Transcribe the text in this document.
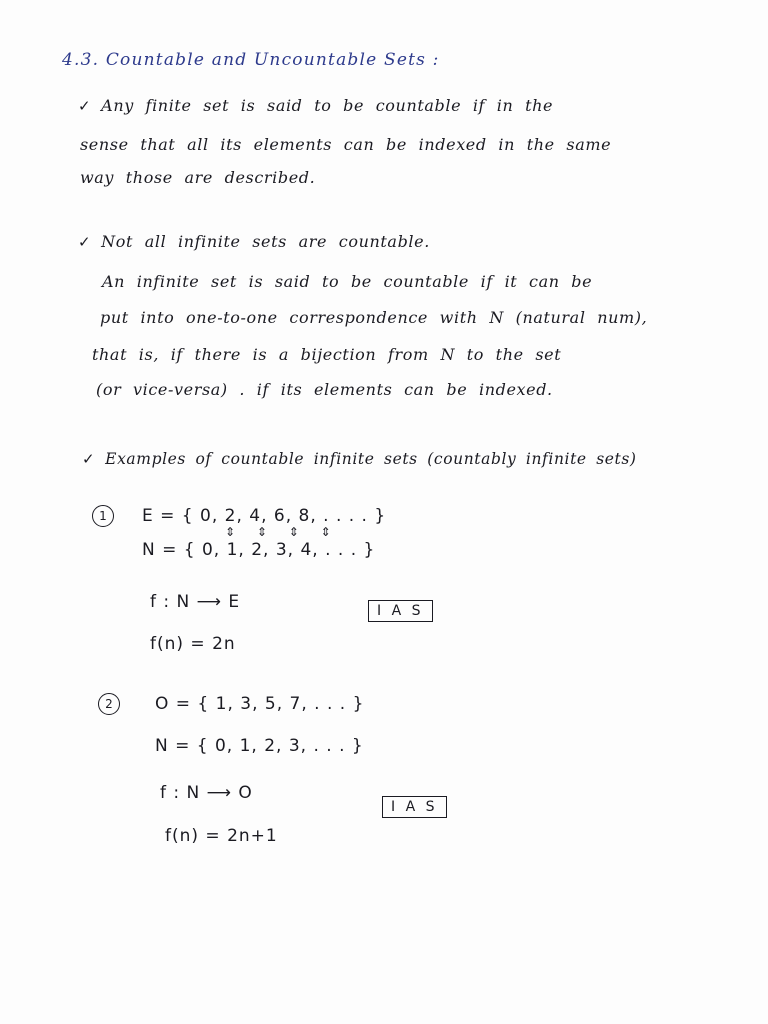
4.3. Countable and Uncountable Sets :
✓ Any finite set is said to be countable if in the
sense that all its elements can be indexed in the same
way those are described.
✓ Not all infinite sets are countable.
An infinite set is said to be countable if it can be
put into one-to-one correspondence with N (natural num),
that is, if there is a bijection from N to the set
(or vice-versa) . if its elements can be indexed.
✓ Examples of countable infinite sets (countably infinite sets)
1	E = { 0, 2, 4, 6, 8, . . . . }
⇕ ⇕ ⇕ ⇕
N = { 0, 1, 2, 3, 4, . . . }
f : N ⟶ E	I A S
f(n) = 2n
2	O = { 1, 3, 5, 7, . . . }
N = { 0, 1, 2, 3, . . . }
f : N ⟶ O
I A S
f(n) = 2n+1
